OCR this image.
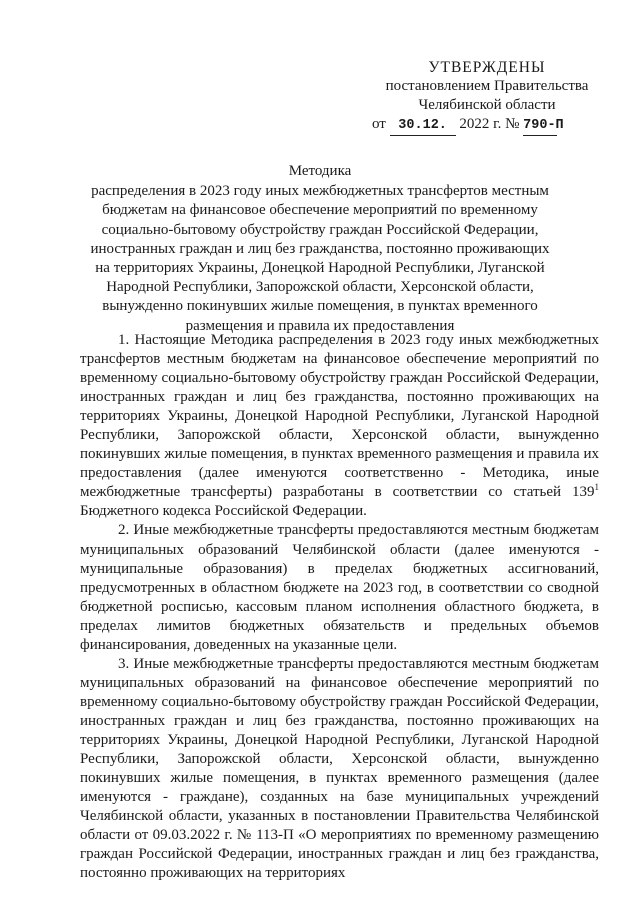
УТВЕРЖДЕНЫ
постановлением Правительства
Челябинской области
от 30.12. 2022 г. № 790-П
Методика
распределения в 2023 году иных межбюджетных трансфертов местным
бюджетам на финансовое обеспечение мероприятий по временному
социально-бытовому обустройству граждан Российской Федерации,
иностранных граждан и лиц без гражданства, постоянно проживающих
на территориях Украины, Донецкой Народной Республики, Луганской
Народной Республики, Запорожской области, Херсонской области,
вынужденно покинувших жилые помещения, в пунктах временного
размещения и правила их предоставления

1. Настоящие Методика распределения в 2023 году иных межбюджетных трансфертов местным бюджетам на финансовое обеспечение мероприятий по временному социально-бытовому обустройству граждан Российской Федерации, иностранных граждан и лиц без гражданства, постоянно проживающих на территориях Украины, Донецкой Народной Республики, Луганской Народной Республики, Запорожской области, Херсонской области, вынужденно покинувших жилые помещения, в пунктах временного размещения и правила их предоставления (далее именуются соответственно - Методика, иные межбюджетные трансферты) разработаны в соответствии со статьей $139^1$ Бюджетного кодекса Российской Федерации.

2. Иные межбюджетные трансферты предоставляются местным бюджетам муниципальных образований Челябинской области (далее именуются - муниципальные образования) в пределах бюджетных ассигнований, предусмотренных в областном бюджете на 2023 год, в соответствии со сводной бюджетной росписью, кассовым планом исполнения областного бюджета, в пределах лимитов бюджетных обязательств и предельных объемов финансирования, доведенных на указанные цели.

3. Иные межбюджетные трансферты предоставляются местным бюджетам муниципальных образований на финансовое обеспечение мероприятий по временному социально-бытовому обустройству граждан Российской Федерации, иностранных граждан и лиц без гражданства, постоянно проживающих на территориях Украины, Донецкой Народной Республики, Луганской Народной Республики, Запорожской области, Херсонской области, вынужденно покинувших жилые помещения, в пунктах временного размещения (далее именуются - граждане), созданных на базе муниципальных учреждений Челябинской области, указанных в постановлении Правительства Челябинской области от 09.03.2022 г. № 113-П «О мероприятиях по временному размещению граждан Российской Федерации, иностранных граждан и лиц без гражданства, постоянно проживающих на территориях
